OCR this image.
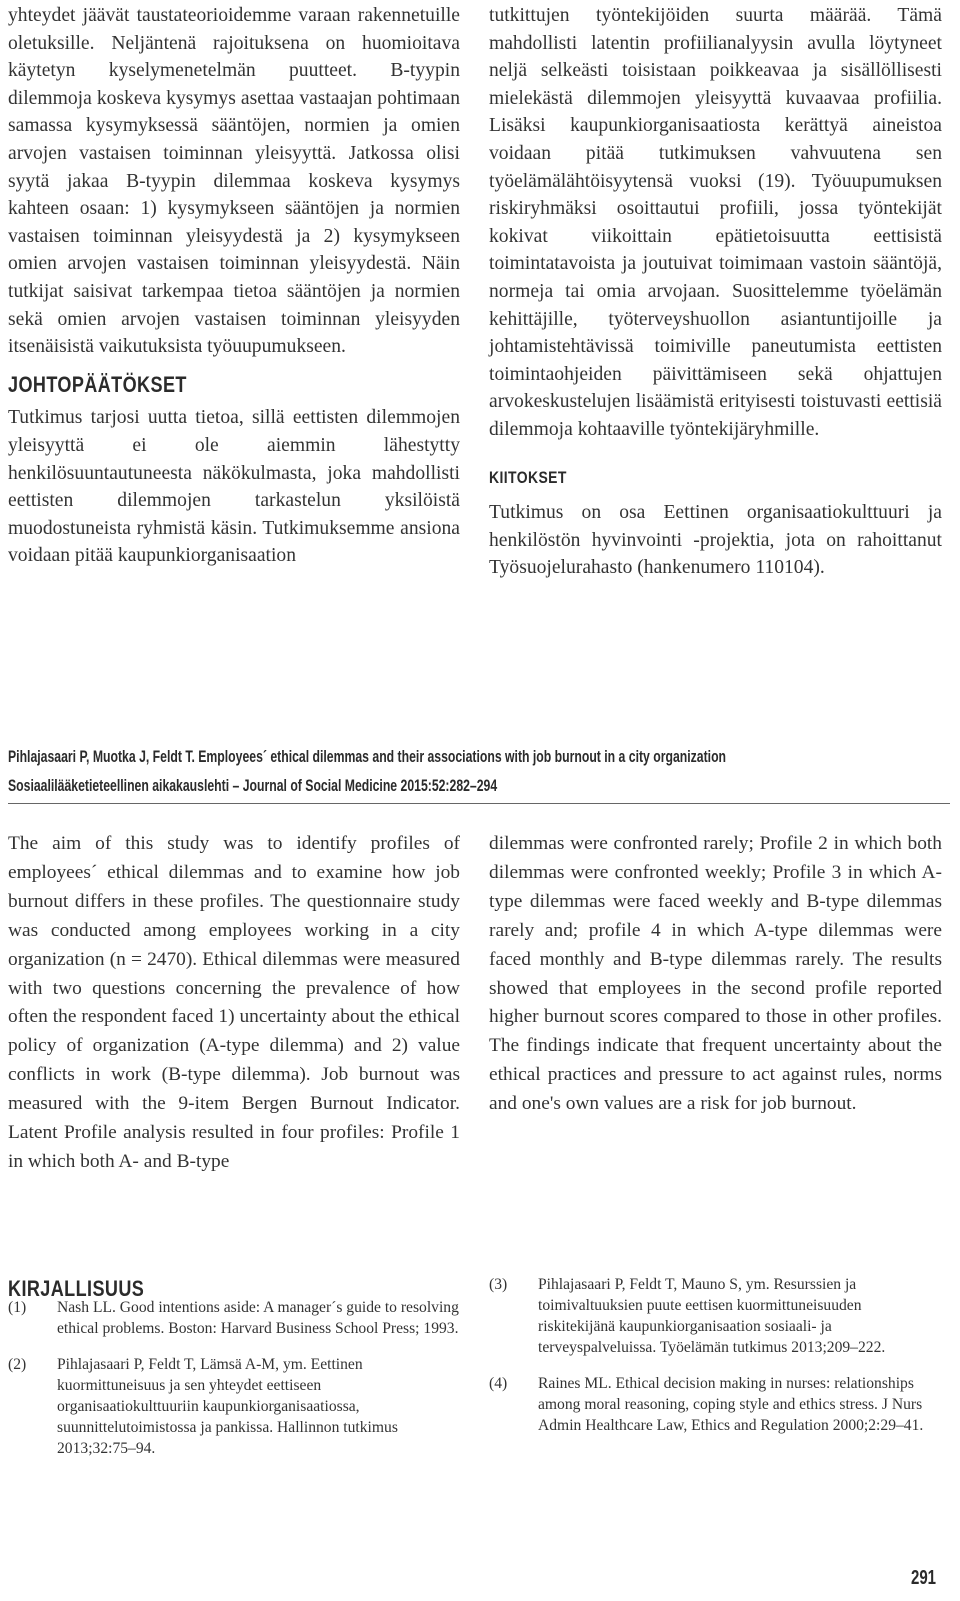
yhteydet jäävät taustateorioidemme varaan rakennetuille oletuksille. Neljäntenä rajoituksena on huomioitava käytetyn kyselymenetelmän puutteet. B-tyypin dilemmoja koskeva kysymys asettaa vastaajan pohtimaan samassa kysymyksessä sääntöjen, normien ja omien arvojen vastaisen toiminnan yleisyyttä. Jatkossa olisi syytä jakaa B-tyypin dilemmaa koskeva kysymys kahteen osaan: 1) kysymykseen sääntöjen ja normien vastaisen toiminnan yleisyydestä ja 2) kysymykseen omien arvojen vastaisen toiminnan yleisyydestä. Näin tutkijat saisivat tarkempaa tietoa sääntöjen ja normien sekä omien arvojen vastaisen toiminnan yleisyyden itsenäisistä vaikutuksista työuupumukseen.

JOHTOPÄÄTÖKSET

Tutkimus tarjosi uutta tietoa, sillä eettisten dilemmojen yleisyyttä ei ole aiemmin lähestytty henkilösuuntautuneesta näkökulmasta, joka mahdollisti eettisten dilemmojen tarkastelun yksilöistä muodostuneista ryhmistä käsin. Tutkimuksemme ansiona voidaan pitää kaupunkiorganisaation

tutkittujen työntekijöiden suurta määrää. Tämä mahdollisti latentin profiilianalyysin avulla löytyneet neljä selkeästi toisistaan poikkeavaa ja sisällöllisesti mielekästä dilemmojen yleisyyttä kuvaavaa profiilia. Lisäksi kaupunkiorganisaatiosta kerättyä aineistoa voidaan pitää tutkimuksen vahvuutena sen työelämälähtöisyytensä vuoksi (19). Työuupumuksen riskiryhmäksi osoittautui profiili, jossa työntekijät kokivat viikoittain epätietoisuutta eettisistä toimintatavoista ja joutuivat toimimaan vastoin sääntöjä, normeja tai omia arvojaan. Suosittelemme työelämän kehittäjille, työterveyshuollon asiantuntijoille ja johtamistehtävissä toimiville paneutumista eettisten toimintaohjeiden päivittämiseen sekä ohjattujen arvokeskustelujen lisäämistä erityisesti toistuvasti eettisiä dilemmoja kohtaaville työntekijäryhmille.

KIITOKSET

Tutkimus on osa Eettinen organisaatiokulttuuri ja henkilöstön hyvinvointi -projektia, jota on rahoittanut Työsuojelurahasto (hankenumero 110104).

Pihlajasaari P, Muotka J, Feldt T. Employees´ ethical dilemmas and their associations with job burnout in a city organization
Sosiaalilääketieteellinen aikakauslehti – Journal of Social Medicine 2015:52:282–294

The aim of this study was to identify profiles of employees´ ethical dilemmas and to examine how job burnout differs in these profiles. The questionnaire study was conducted among employees working in a city organization (n = 2470). Ethical dilemmas were measured with two questions concerning the prevalence of how often the respondent faced 1) uncertainty about the ethical policy of organization (A-type dilemma) and 2) value conflicts in work (B-type dilemma). Job burnout was measured with the 9-item Bergen Burnout Indicator. Latent Profile analysis resulted in four profiles: Profile 1 in which both A- and B-type

dilemmas were confronted rarely; Profile 2 in which both dilemmas were confronted weekly; Profile 3 in which A-type dilemmas were faced weekly and B-type dilemmas rarely and; profile 4 in which A-type dilemmas were faced monthly and B-type dilemmas rarely. The results showed that employees in the second profile reported higher burnout scores compared to those in other profiles. The findings indicate that frequent uncertainty about the ethical practices and pressure to act against rules, norms and one's own values are a risk for job burnout.

KIRJALLISUUS
(1)	Nash LL. Good intentions aside: A manager´s guide to resolving ethical problems. Boston: Harvard Business School Press; 1993.
(2)	Pihlajasaari P, Feldt T, Lämsä A-M, ym. Eettinen kuormittuneisuus ja sen yhteydet eettiseen organisaatiokulttuuriin kaupunkiorganisaatiossa, suunnittelutoimistossa ja pankissa. Hallinnon tutkimus 2013;32:75–94.
(3)	Pihlajasaari P, Feldt T, Mauno S, ym. Resurssien ja toimivaltuuksien puute eettisen kuormittuneisuuden riskitekijänä kaupunkiorganisaation sosiaali- ja terveyspalveluissa. Työelämän tutkimus 2013;209–222.
(4)	Raines ML. Ethical decision making in nurses: relationships among moral reasoning, coping style and ethics stress. J Nurs Admin Healthcare Law, Ethics and Regulation 2000;2:29–41.
291
